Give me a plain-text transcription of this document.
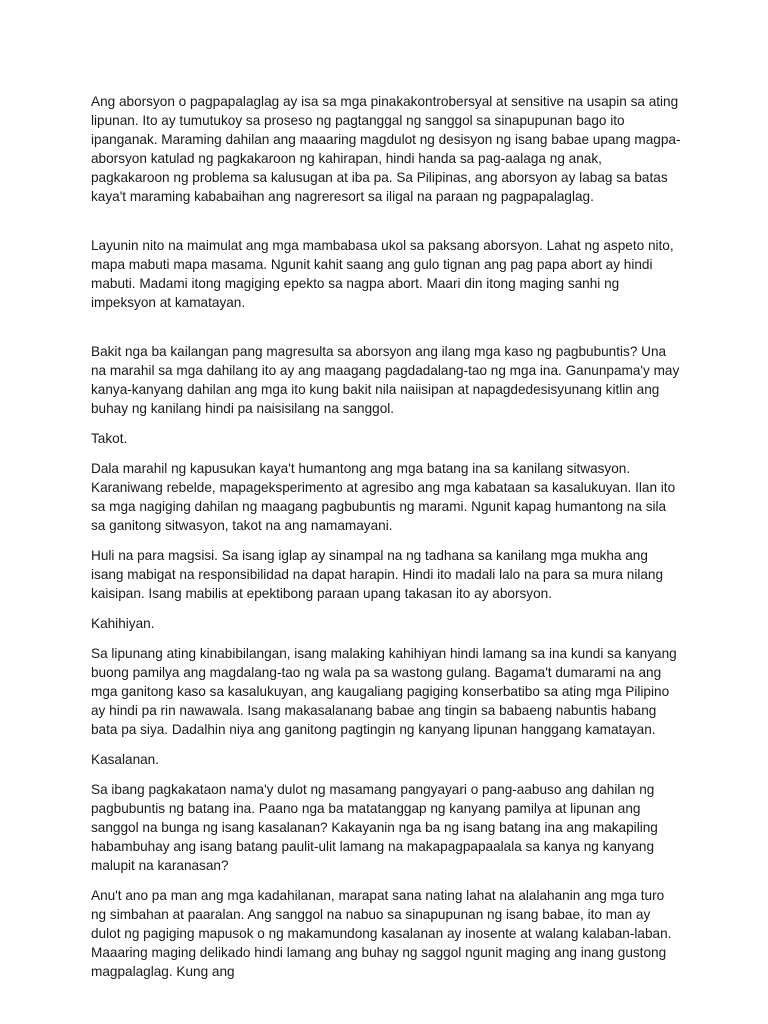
Ang aborsyon o pagpapalaglag ay isa sa mga pinakakontrobersyal at sensitive na usapin sa ating lipunan. Ito ay tumutukoy sa proseso ng pagtanggal ng sanggol sa sinapupunan bago ito ipanganak. Maraming dahilan ang maaaring magdulot ng desisyon ng isang babae upang magpa-aborsyon katulad ng pagkakaroon ng kahirapan, hindi handa sa pag-aalaga ng anak, pagkakaroon ng problema sa kalusugan at iba pa. Sa Pilipinas, ang aborsyon ay labag sa batas kaya't maraming kababaihan ang nagreresort sa iligal na paraan ng pagpapalaglag.

Layunin nito na maimulat ang mga mambabasa ukol sa paksang aborsyon. Lahat ng aspeto nito, mapa mabuti mapa masama. Ngunit kahit saang ang gulo tignan ang pag papa abort ay hindi mabuti. Madami itong magiging epekto sa nagpa abort. Maari din itong maging sanhi ng impeksyon at kamatayan.

Bakit nga ba kailangan pang magresulta sa aborsyon ang ilang mga kaso ng pagbubuntis? Una na marahil sa mga dahilang ito ay ang maagang pagdadalang-tao ng mga ina. Ganunpama'y may kanya-kanyang dahilan ang mga ito kung bakit nila naiisipan at napagdedesisyunang kitlin ang buhay ng kanilang hindi pa naisisilang na sanggol.

Takot.

Dala marahil ng kapusukan kaya't humantong ang mga batang ina sa kanilang sitwasyon. Karaniwang rebelde, mapageksperimento at agresibo ang mga kabataan sa kasalukuyan. Ilan ito sa mga nagiging dahilan ng maagang pagbubuntis ng marami. Ngunit kapag humantong na sila sa ganitong sitwasyon, takot na ang namamayani.

Huli na para magsisi. Sa isang iglap ay sinampal na ng tadhana sa kanilang mga mukha ang isang mabigat na responsibilidad na dapat harapin. Hindi ito madali lalo na para sa mura nilang kaisipan. Isang mabilis at epektibong paraan upang takasan ito ay aborsyon.

Kahihiyan.

Sa lipunang ating kinabibilangan, isang malaking kahihiyan hindi lamang sa ina kundi sa kanyang buong pamilya ang magdalang-tao ng wala pa sa wastong gulang. Bagama't dumarami na ang mga ganitong kaso sa kasalukuyan, ang kaugaliang pagiging konserbatibo sa ating mga Pilipino ay hindi pa rin nawawala. Isang makasalanang babae ang tingin sa babaeng nabuntis habang bata pa siya. Dadalhin niya ang ganitong pagtingin ng kanyang lipunan hanggang kamatayan.

Kasalanan.

Sa ibang pagkakataon nama'y dulot ng masamang pangyayari o pang-aabuso ang dahilan ng pagbubuntis ng batang ina. Paano nga ba matatanggap ng kanyang pamilya at lipunan ang sanggol na bunga ng isang kasalanan? Kakayanin nga ba ng isang batang ina ang makapiling habambuhay ang isang batang paulit-ulit lamang na makapagpapaalala sa kanya ng kanyang malupit na karanasan?

Anu't ano pa man ang mga kadahilanan, marapat sana nating lahat na alalahanin ang mga turo ng simbahan at paaralan. Ang sanggol na nabuo sa sinapupunan ng isang babae, ito man ay dulot ng pagiging mapusok o ng makamundong kasalanan ay inosente at walang kalaban-laban. Maaaring maging delikado hindi lamang ang buhay ng saggol ngunit maging ang inang gustong magpalaglag. Kung ang
